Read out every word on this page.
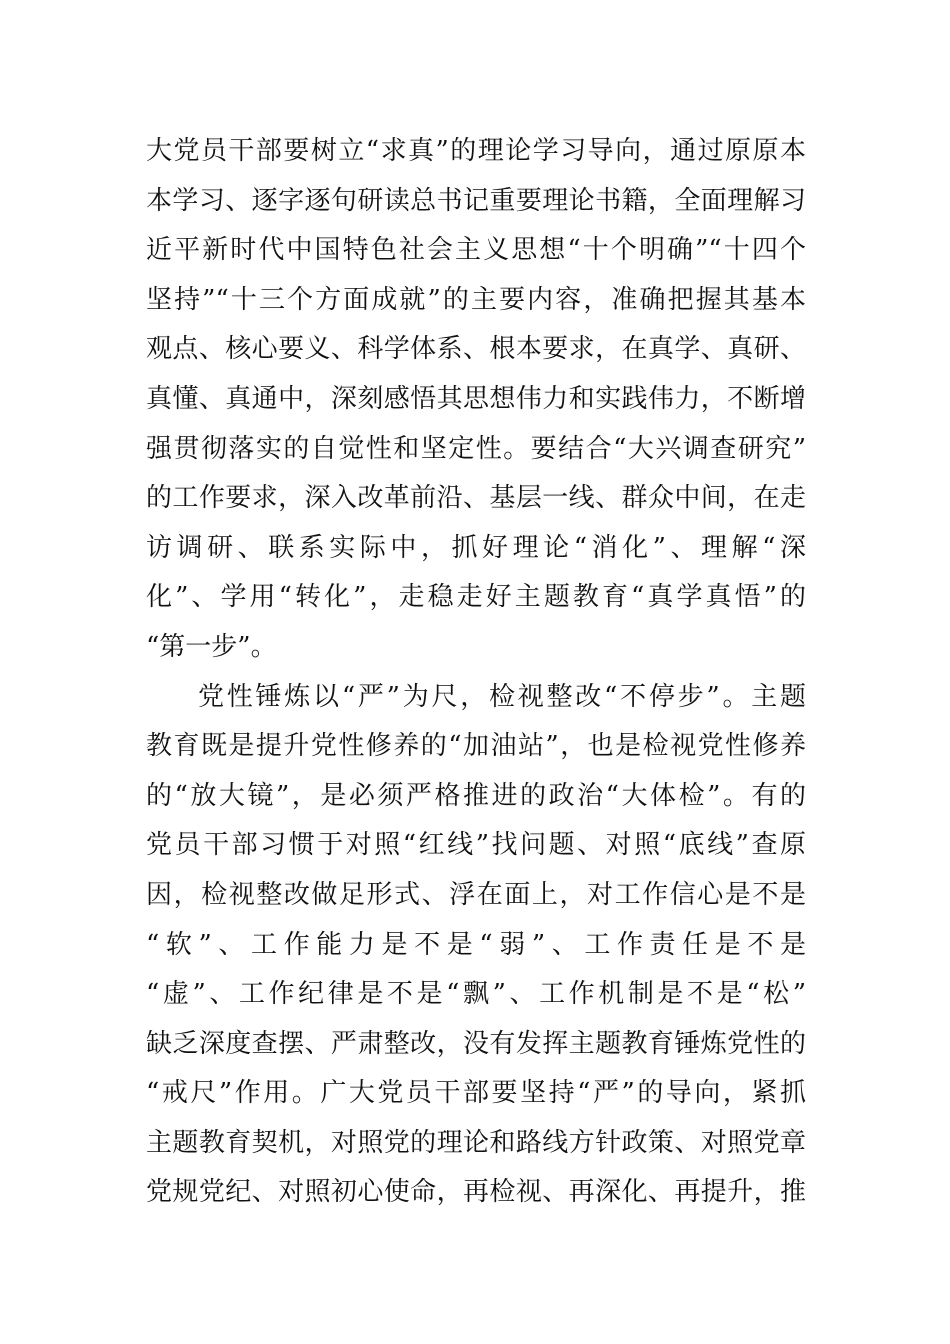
大党员干部要树立“求真”的理论学习导向，通过原原本
本学习、逐字逐句研读总书记重要理论书籍，全面理解习
近平新时代中国特色社会主义思想“十个明确”“十四个
坚持”“十三个方面成就”的主要内容，准确把握其基本
观点、核心要义、科学体系、根本要求，在真学、真研、
真懂、真通中，深刻感悟其思想伟力和实践伟力，不断增
强贯彻落实的自觉性和坚定性。要结合“大兴调查研究”
的工作要求，深入改革前沿、基层一线、群众中间，在走
访调研、联系实际中，抓好理论“消化”、理解“深
化”、学用“转化”，走稳走好主题教育“真学真悟”的
“第一步”。
党性锤炼以“严”为尺，检视整改“不停步”。主题
教育既是提升党性修养的“加油站”，也是检视党性修养
的“放大镜”，是必须严格推进的政治“大体检”。有的
党员干部习惯于对照“红线”找问题、对照“底线”查原
因，检视整改做足形式、浮在面上，对工作信心是不是
“软”、工作能力是不是“弱”、工作责任是不是
“虚”、工作纪律是不是“飘”、工作机制是不是“松”
缺乏深度查摆、严肃整改，没有发挥主题教育锤炼党性的
“戒尺”作用。广大党员干部要坚持“严”的导向，紧抓
主题教育契机，对照党的理论和路线方针政策、对照党章
党规党纪、对照初心使命，再检视、再深化、再提升，推
